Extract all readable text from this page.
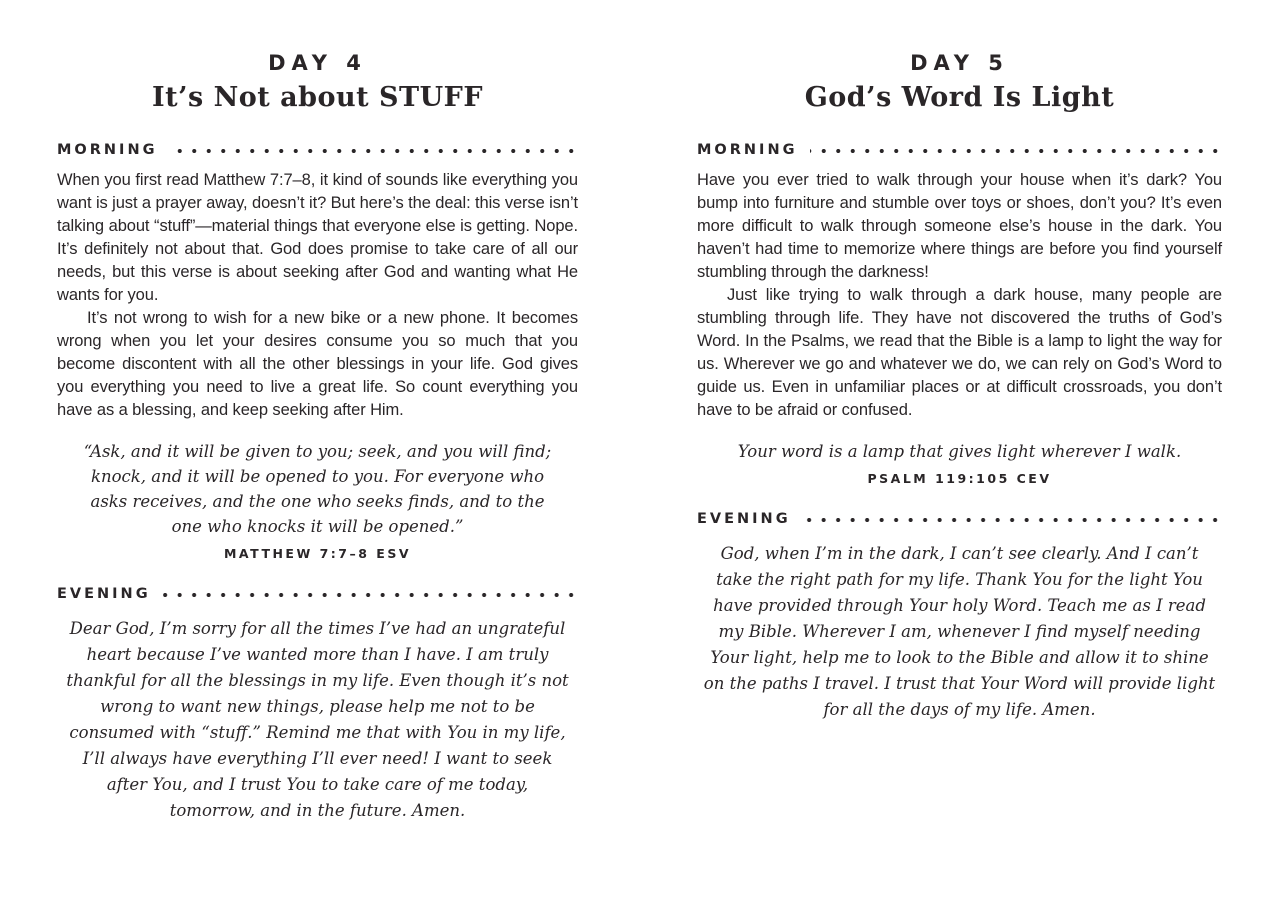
DAY 4
It’s Not about STUFF
MORNING

When you first read Matthew 7:7–8, it kind of sounds like everything you want is just a prayer away, doesn’t it? But here’s the deal: this verse isn’t talking about “stuff”—material things that everyone else is getting. Nope. It’s definitely not about that. God does promise to take care of all our needs, but this verse is about seeking after God and wanting what He wants for you.

It’s not wrong to wish for a new bike or a new phone. It becomes wrong when you let your desires consume you so much that you become discontent with all the other blessings in your life. God gives you everything you need to live a great life. So count everything you have as a blessing, and keep seeking after Him.

“Ask, and it will be given to you; seek, and you will find; knock, and it will be opened to you. For everyone who asks receives, and the one who seeks finds, and to the one who knocks it will be opened.”
MATTHEW 7:7–8 ESV
EVENING
Dear God, I’m sorry for all the times I’ve had an ungrateful heart because I’ve wanted more than I have. I am truly thankful for all the blessings in my life. Even though it’s not wrong to want new things, please help me not to be consumed with “stuff.” Remind me that with You in my life, I’ll always have everything I’ll ever need! I want to seek after You, and I trust You to take care of me today, tomorrow, and in the future. Amen.
DAY 5
God’s Word Is Light
MORNING

Have you ever tried to walk through your house when it’s dark? You bump into furniture and stumble over toys or shoes, don’t you? It’s even more difficult to walk through someone else’s house in the dark. You haven’t had time to memorize where things are before you find yourself stumbling through the darkness!

Just like trying to walk through a dark house, many people are stumbling through life. They have not discovered the truths of God’s Word. In the Psalms, we read that the Bible is a lamp to light the way for us. Wherever we go and whatever we do, we can rely on God’s Word to guide us. Even in unfamiliar places or at difficult crossroads, you don’t have to be afraid or confused.

Your word is a lamp that gives light wherever I walk.
PSALM 119:105 CEV
EVENING
God, when I’m in the dark, I can’t see clearly. And I can’t take the right path for my life. Thank You for the light You have provided through Your holy Word. Teach me as I read my Bible. Wherever I am, whenever I find myself needing Your light, help me to look to the Bible and allow it to shine on the paths I travel. I trust that Your Word will provide light for all the days of my life. Amen.
